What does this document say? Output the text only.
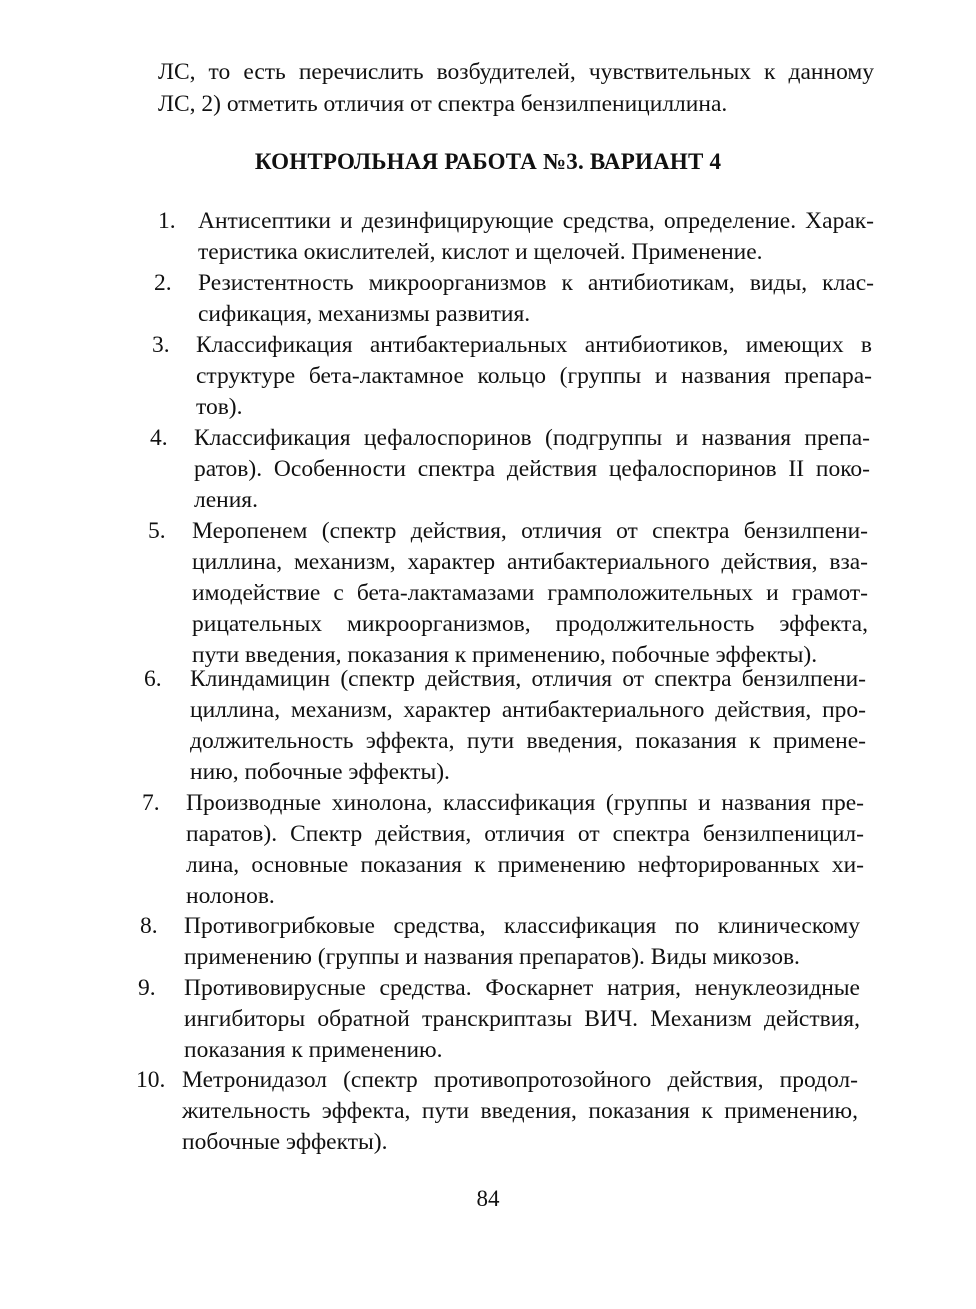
ЛС, то есть перечислить возбудителей, чувствительных к данному
ЛС, 2) отметить отличия от спектра бензилпенициллина.
КОНТРОЛЬНАЯ РАБОТА №3. ВАРИАНТ 4
1. Антисептики и дезинфицирующие средства, определение. Харак-
теристика окислителей, кислот и щелочей. Применение.
2. Резистентность микроорганизмов к антибиотикам, виды, клас-
сификация, механизмы развития.
3. Классификация антибактериальных антибиотиков, имеющих в
структуре бета-лактамное кольцо (группы и названия препара-
тов).
4. Классификация цефалоспоринов (подгруппы и названия препа-
ратов). Особенности спектра действия цефалоспоринов II поко-
ления.
5. Меропенем (спектр действия, отличия от спектра бензилпени-
циллина, механизм, характер антибактериального действия, вза-
имодействие с бета-лактамазами грамположительных и грамот-
рицательных микроорганизмов, продолжительность эффекта,
пути введения, показания к применению, побочные эффекты).
6. Клиндамицин (спектр действия, отличия от спектра бензилпени-
циллина, механизм, характер антибактериального действия, про-
должительность эффекта, пути введения, показания к примене-
нию, побочные эффекты).
7. Производные хинолона, классификация (группы и названия пре-
паратов). Спектр действия, отличия от спектра бензилпеницил-
лина, основные показания к применению нефторированных хи-
нолонов.
8. Противогрибковые средства, классификация по клиническому
применению (группы и названия препаратов). Виды микозов.
9. Противовирусные средства. Фоскарнет натрия, ненуклеозидные
ингибиторы обратной транскриптазы ВИЧ. Механизм действия,
показания к применению.
10. Метронидазол (спектр противопротозойного действия, продол-
жительность эффекта, пути введения, показания к применению,
побочные эффекты).
84
